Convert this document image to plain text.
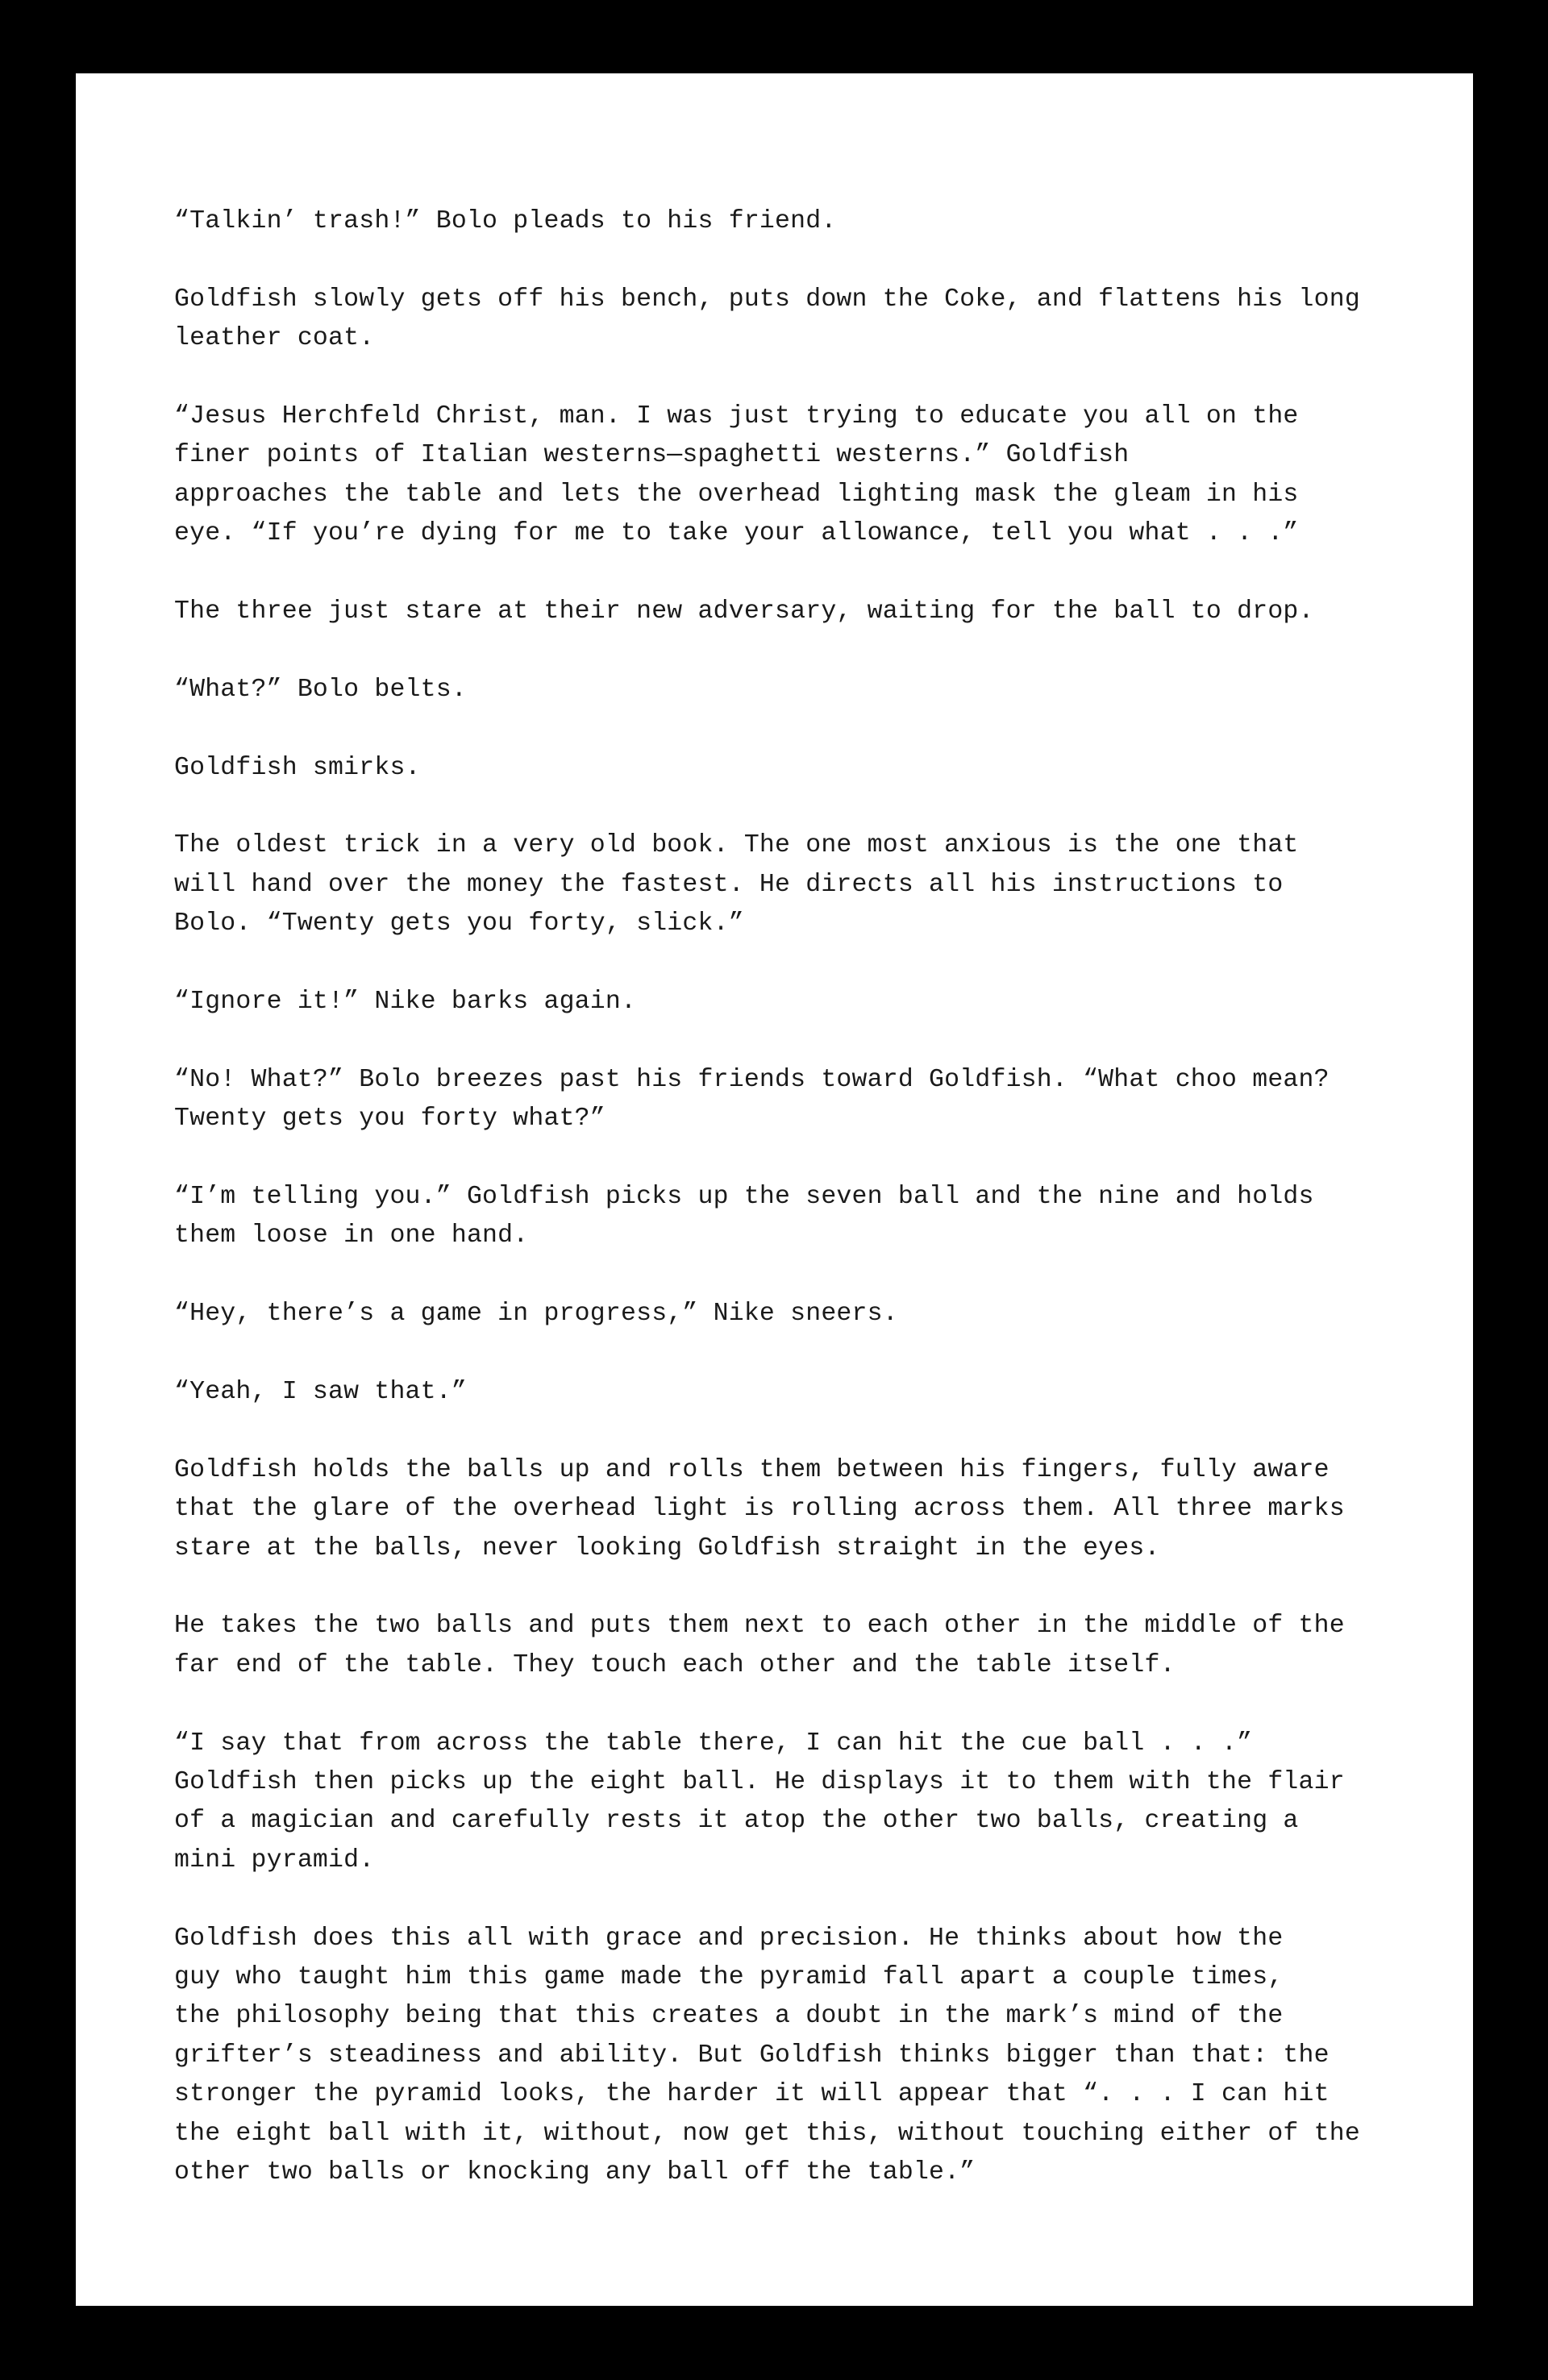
“Talkin’ trash!” Bolo pleads to his friend.

Goldfish slowly gets off his bench, puts down the Coke, and flattens his long
leather coat.

“Jesus Herchfeld Christ, man. I was just trying to educate you all on the
finer points of Italian westerns—spaghetti westerns.” Goldfish
approaches the table and lets the overhead lighting mask the gleam in his
eye. “If you’re dying for me to take your allowance, tell you what . . .”

The three just stare at their new adversary, waiting for the ball to drop.

“What?” Bolo belts.

Goldfish smirks.

The oldest trick in a very old book. The one most anxious is the one that
will hand over the money the fastest. He directs all his instructions to
Bolo. “Twenty gets you forty, slick.”

“Ignore it!” Nike barks again.

“No! What?” Bolo breezes past his friends toward Goldfish. “What choo mean?
Twenty gets you forty what?”

“I’m telling you.” Goldfish picks up the seven ball and the nine and holds
them loose in one hand.

“Hey, there’s a game in progress,” Nike sneers.

“Yeah, I saw that.”

Goldfish holds the balls up and rolls them between his fingers, fully aware
that the glare of the overhead light is rolling across them. All three marks
stare at the balls, never looking Goldfish straight in the eyes.

He takes the two balls and puts them next to each other in the middle of the
far end of the table. They touch each other and the table itself.

“I say that from across the table there, I can hit the cue ball . . .”
Goldfish then picks up the eight ball. He displays it to them with the flair
of a magician and carefully rests it atop the other two balls, creating a
mini pyramid.

Goldfish does this all with grace and precision. He thinks about how the
guy who taught him this game made the pyramid fall apart a couple times,
the philosophy being that this creates a doubt in the mark’s mind of the
grifter’s steadiness and ability. But Goldfish thinks bigger than that: the
stronger the pyramid looks, the harder it will appear that “. . . I can hit
the eight ball with it, without, now get this, without touching either of the
other two balls or knocking any ball off the table.”
